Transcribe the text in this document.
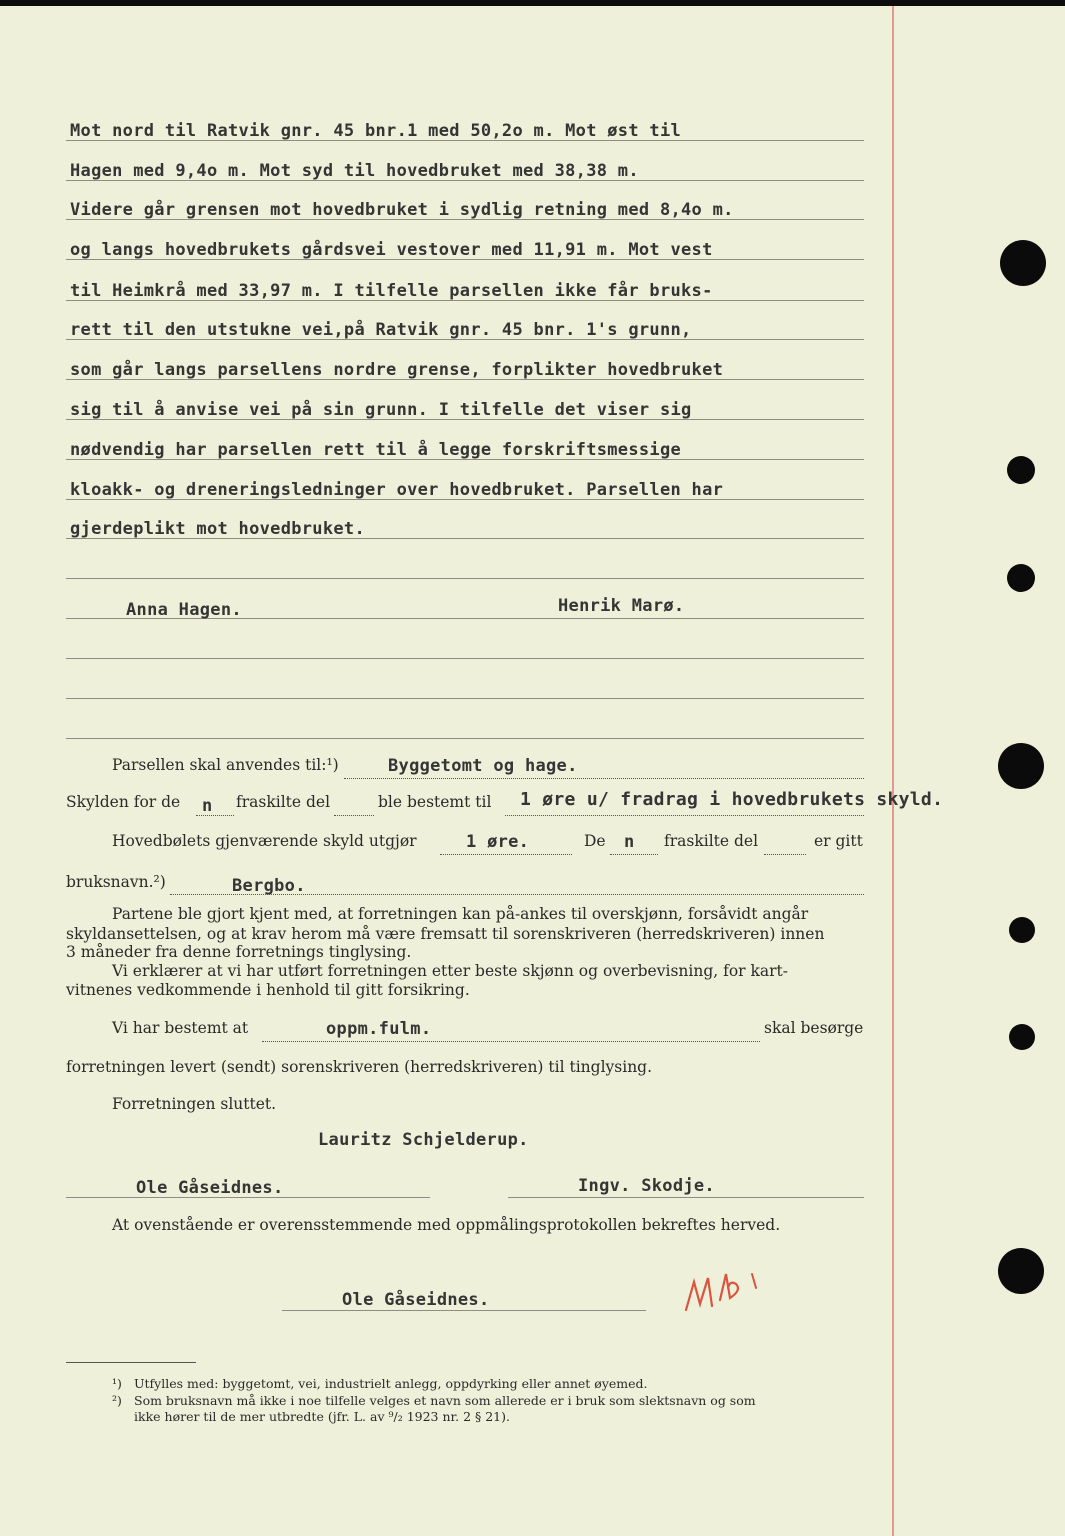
Mot nord til Ratvik gnr. 45 bnr.1 med 50,2o m. Mot øst til
Hagen med 9,4o m. Mot syd til hovedbruket med 38,38 m.
Videre går grensen mot hovedbruket i sydlig retning med 8,4o m.
og langs hovedbrukets gårdsvei vestover med 11,91 m. Mot vest
til Heimkrå med 33,97 m. I tilfelle parsellen ikke får bruks-
rett til den utstukne vei,på Ratvik gnr. 45 bnr. 1's grunn,
som går langs parsellens nordre grense, forplikter hovedbruket
sig til å anvise vei på sin grunn. I tilfelle det viser sig
nødvendig har parsellen rett til å legge forskriftsmessige
kloakk- og dreneringsledninger over hovedbruket. Parsellen har
gjerdeplikt mot hovedbruket.
Anna Hagen.	Henrik Marø.
Parsellen skal anvendes til:¹)	Byggetomt og hage.
Skylden for de n fraskilte del	ble bestemt til 1 øre u/ fradrag i hovedbrukets skyld.
Hovedbølets gjenværende skyld utgjør	1 øre.	De n fraskilte del	er gitt
bruksnavn.²)	Bergbo.
Partene ble gjort kjent med, at forretningen kan på-ankes til overskjønn, forsåvidt angår
skyldansettelsen, og at krav herom må være fremsatt til sorenskriveren (herredskriveren) innen
3 måneder fra denne forretnings tinglysing.
Vi erklærer at vi har utført forretningen etter beste skjønn og overbevisning, for kart-
vitnenes vedkommende i henhold til gitt forsikring.
Vi har bestemt at	oppm.fulm.	skal besørge
forretningen levert (sendt) sorenskriveren (herredskriveren) til tinglysing.
Forretningen sluttet.
Lauritz Schjelderup.
Ole Gåseidnes.	Ingv. Skodje.
At ovenstående er overensstemmende med oppmålingsprotokollen bekreftes herved.
Ole Gåseidnes.
¹) Utfylles med: byggetomt, vei, industrielt anlegg, oppdyrking eller annet øyemed.
²) Som bruksnavn må ikke i noe tilfelle velges et navn som allerede er i bruk som slektsnavn og som
ikke hører til de mer utbredte (jfr. L. av ⁹/₂ 1923 nr. 2 § 21).
